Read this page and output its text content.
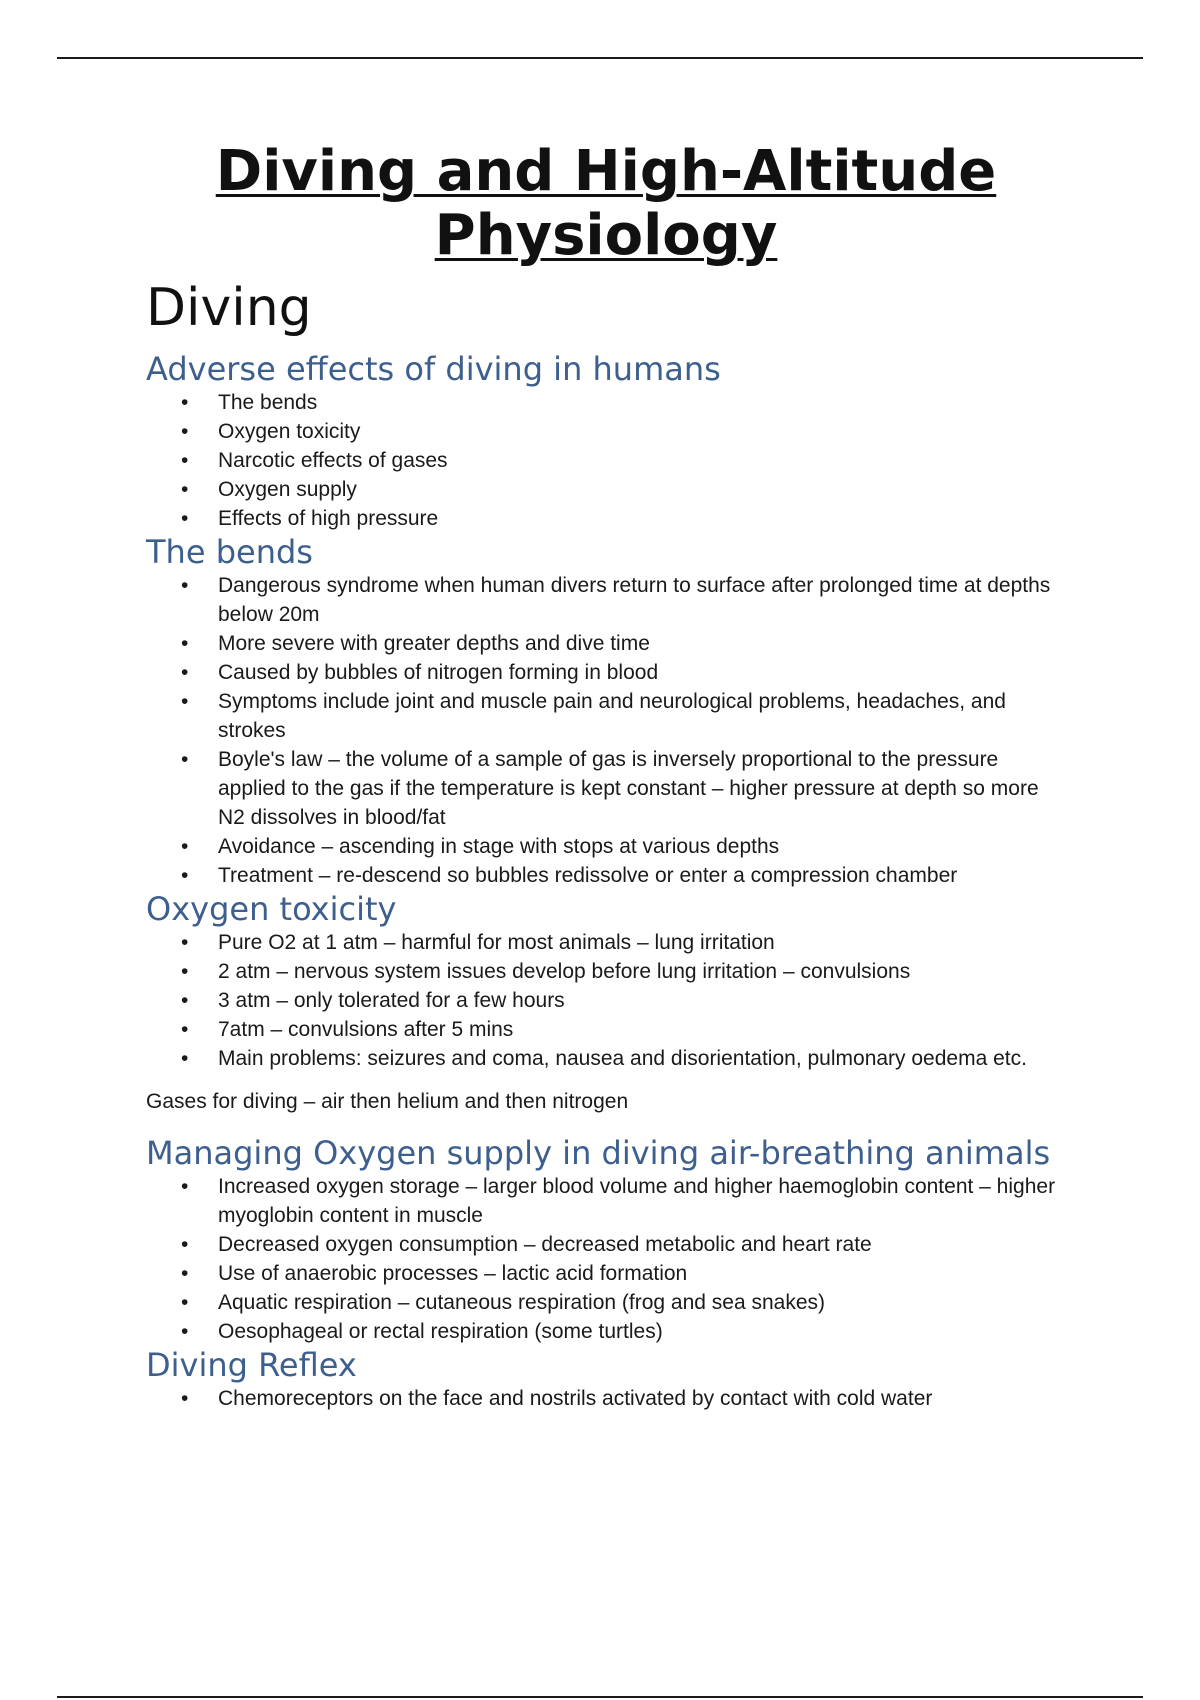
Diving and High-Altitude Physiology
Diving
Adverse effects of diving in humans
• The bends
• Oxygen toxicity
• Narcotic effects of gases
• Oxygen supply
• Effects of high pressure
The bends
• Dangerous syndrome when human divers return to surface after prolonged time at depths below 20m
• More severe with greater depths and dive time
• Caused by bubbles of nitrogen forming in blood
• Symptoms include joint and muscle pain and neurological problems, headaches, and strokes
• Boyle's law – the volume of a sample of gas is inversely proportional to the pressure applied to the gas if the temperature is kept constant – higher pressure at depth so more N2 dissolves in blood/fat
• Avoidance – ascending in stage with stops at various depths
• Treatment – re-descend so bubbles redissolve or enter a compression chamber
Oxygen toxicity
• Pure O2 at 1 atm – harmful for most animals – lung irritation
• 2 atm – nervous system issues develop before lung irritation – convulsions
• 3 atm – only tolerated for a few hours
• 7atm – convulsions after 5 mins
• Main problems: seizures and coma, nausea and disorientation, pulmonary oedema etc.

Gases for diving – air then helium and then nitrogen

Managing Oxygen supply in diving air-breathing animals
• Increased oxygen storage – larger blood volume and higher haemoglobin content – higher myoglobin content in muscle
• Decreased oxygen consumption – decreased metabolic and heart rate
• Use of anaerobic processes – lactic acid formation
• Aquatic respiration – cutaneous respiration (frog and sea snakes)
• Oesophageal or rectal respiration (some turtles)
Diving Reflex
• Chemoreceptors on the face and nostrils activated by contact with cold water
